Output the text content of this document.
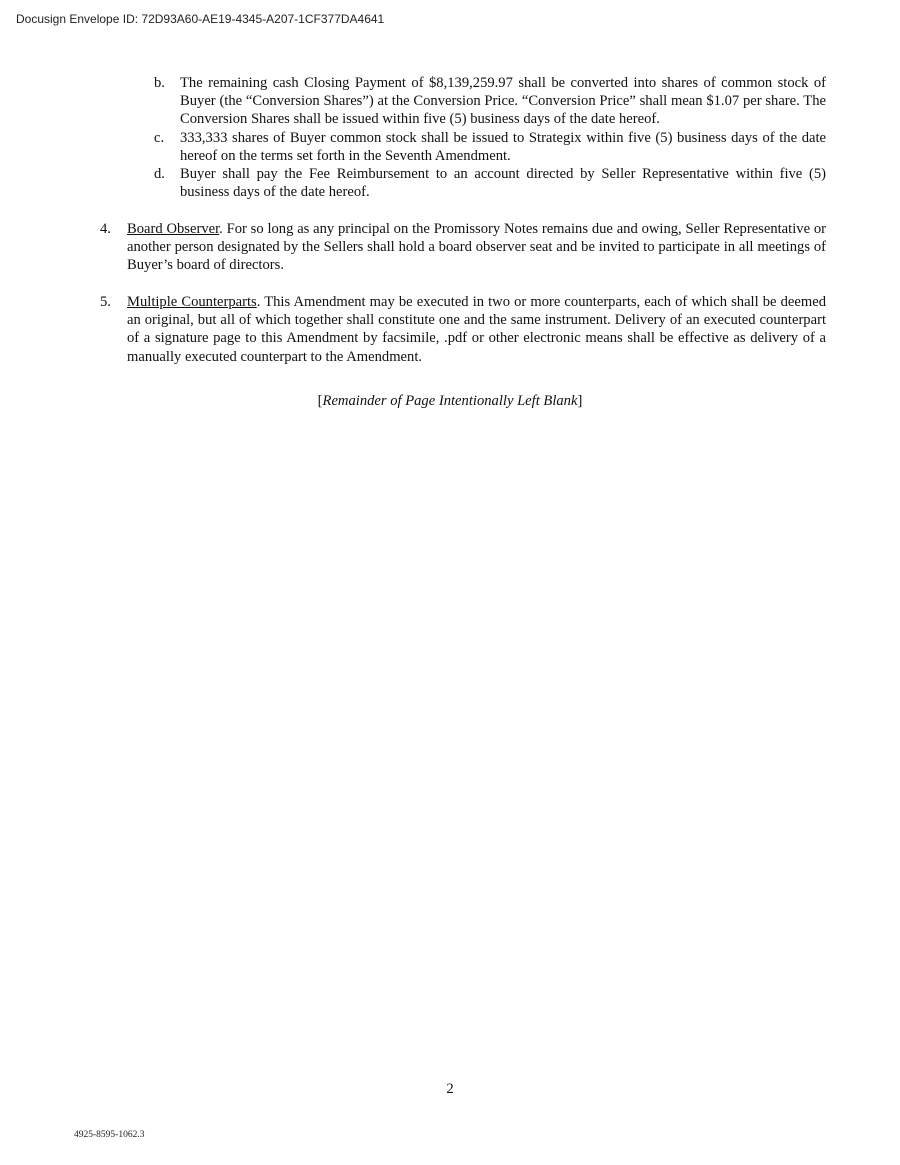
Docusign Envelope ID: 72D93A60-AE19-4345-A207-1CF377DA4641
b. The remaining cash Closing Payment of $8,139,259.97 shall be converted into shares of common stock of Buyer (the “Conversion Shares”) at the Conversion Price. “Conversion Price” shall mean $1.07 per share. The Conversion Shares shall be issued within five (5) business days of the date hereof.
c. 333,333 shares of Buyer common stock shall be issued to Strategix within five (5) business days of the date hereof on the terms set forth in the Seventh Amendment.
d. Buyer shall pay the Fee Reimbursement to an account directed by Seller Representative within five (5) business days of the date hereof.
4. Board Observer. For so long as any principal on the Promissory Notes remains due and owing, Seller Representative or another person designated by the Sellers shall hold a board observer seat and be invited to participate in all meetings of Buyer’s board of directors.
5. Multiple Counterparts. This Amendment may be executed in two or more counterparts, each of which shall be deemed an original, but all of which together shall constitute one and the same instrument. Delivery of an executed counterpart of a signature page to this Amendment by facsimile, .pdf or other electronic means shall be effective as delivery of a manually executed counterpart to the Amendment.
[Remainder of Page Intentionally Left Blank]
2
4925-8595-1062.3
